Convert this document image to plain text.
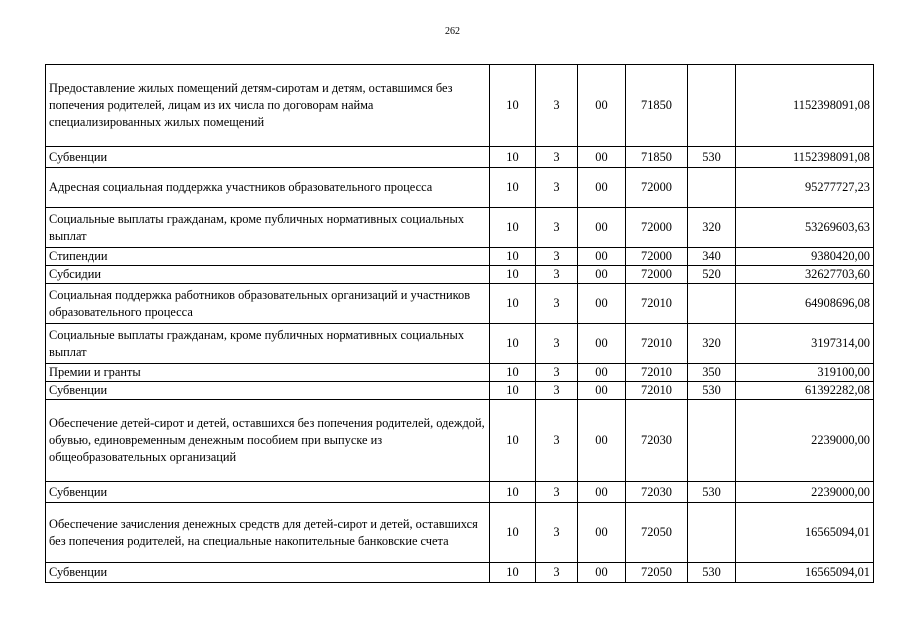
262
Предоставление жилых помещений детям-сиротам и детям, оставшимся без попечения родителей, лицам из их числа по договорам найма специализированных жилых помещений	10	3	00	71850		1152398091,08
Субвенции	10	3	00	71850	530	1152398091,08
Адресная социальная поддержка участников образовательного процесса	10	3	00	72000		95277727,23
Социальные выплаты гражданам, кроме публичных нормативных социальных выплат	10	3	00	72000	320	53269603,63
Стипендии	10	3	00	72000	340	9380420,00
Субсидии	10	3	00	72000	520	32627703,60
Социальная поддержка работников образовательных организаций и участников образовательного процесса	10	3	00	72010		64908696,08
Социальные выплаты гражданам, кроме публичных нормативных социальных выплат	10	3	00	72010	320	3197314,00
Премии и гранты	10	3	00	72010	350	319100,00
Субвенции	10	3	00	72010	530	61392282,08
Обеспечение детей-сирот и детей, оставшихся без попечения родителей, одеждой, обувью, единовременным денежным пособием при выпуске из общеобразовательных организаций	10	3	00	72030		2239000,00
Субвенции	10	3	00	72030	530	2239000,00
Обеспечение зачисления денежных средств для детей-сирот и детей, оставшихся без попечения родителей, на специальные накопительные банковские счета	10	3	00	72050		16565094,01
Субвенции	10	3	00	72050	530	16565094,01
